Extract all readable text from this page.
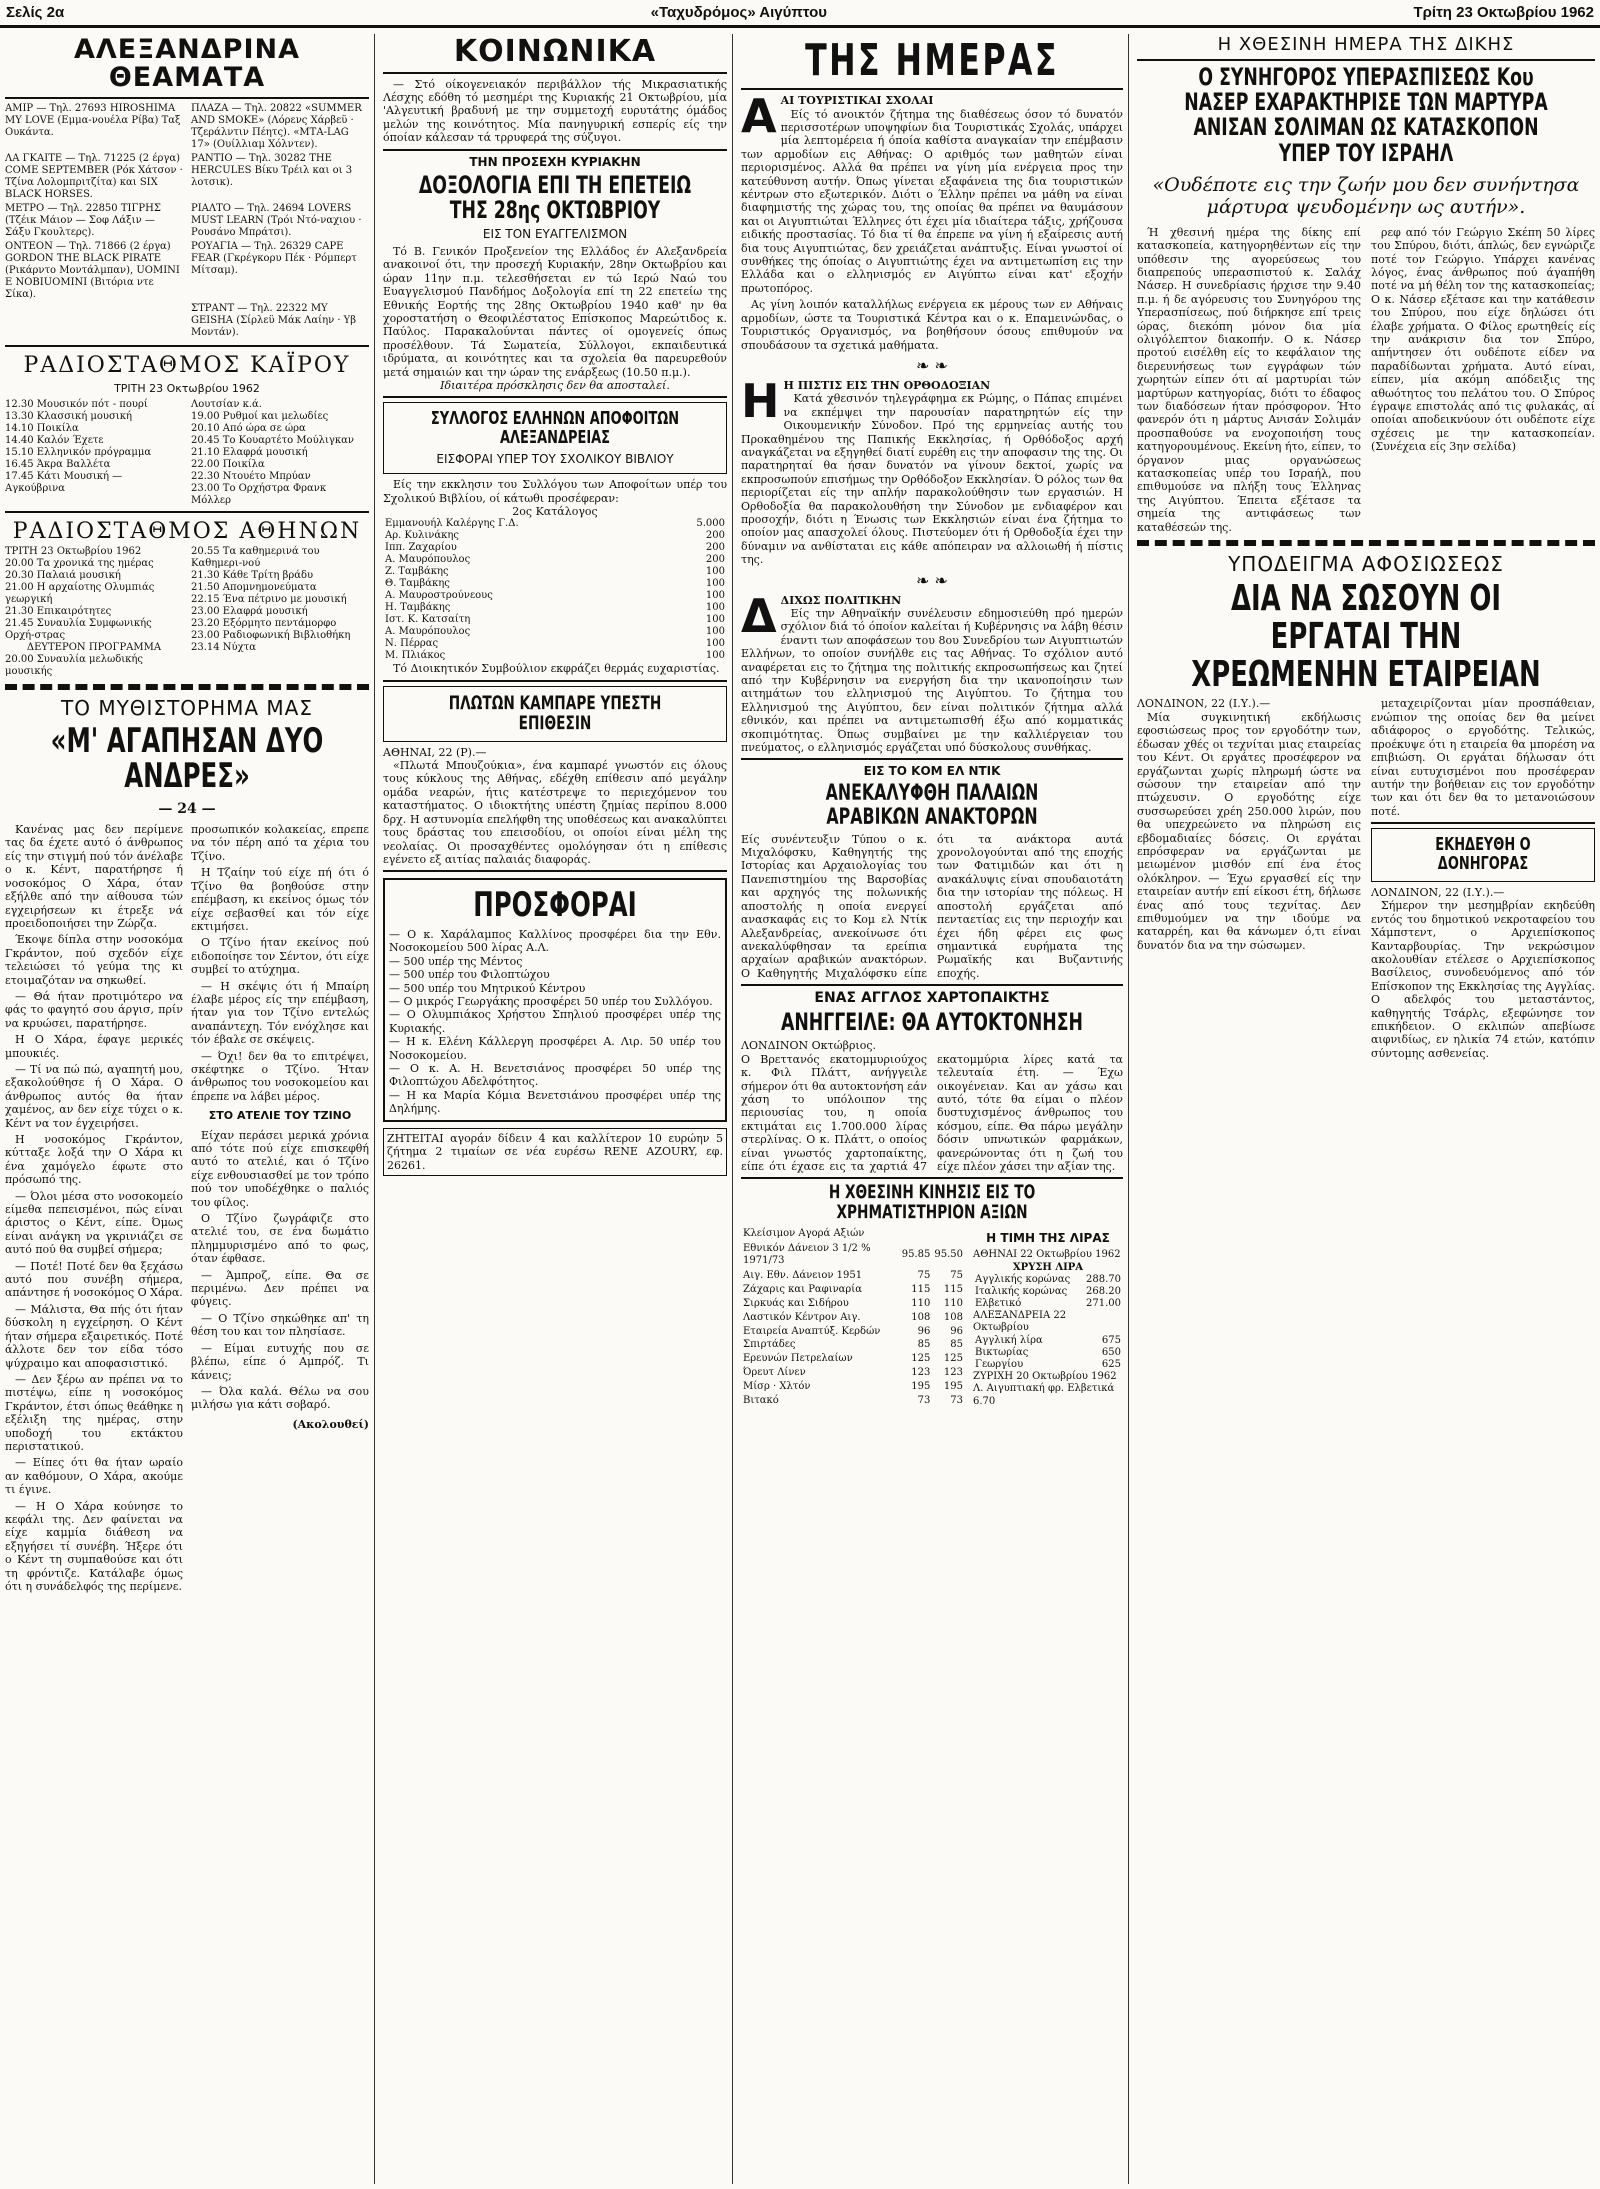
Σελίς 2α	«Ταχυδρόμος» Αιγύπτου	Τρίτη 23 Οκτωβρίου 1962
ΑΛΕΞΑΝΔΡΙΝΑ ΘΕΑΜΑΤΑ
ΑΜΙΡ — Τηλ. 27693 HIROSHIMA MY LOVE (Εμμα-νουέλα Ρίβα) Ταξ Ουκάντα.
ΠΛΑΖΑ — Τηλ. 20822 «SUMMER AND SMOKE» (Λόρενς Χάρβεϋ · Τζεράλντιν Πέητς). «ΜΤΑ-LAG 17» (Ουίλλιαμ Χόλντεν).
ΛΑ ΓΚΑΙΤΕ — Τηλ. 71225 (2 έργα) COME SEPTEMBER (Ρόκ Χάτσον · Τζίνα Λολομπριτζίτα) και SIX BLACK HORSES.
ΡΑΝΤΙΟ — Τηλ. 30282 THE HERCULES Βίκυ Τρέιλ και οι 3 λοτσικ).
ΜΕΤΡΟ — Τηλ. 22850 ΤΙΓΡΗΣ (Τζέικ Μάιον — Σοφ Λάξιν — Σάξυ Γκουλτερς).
ΡΙΑΛΤΟ — Τηλ. 24694 LOVERS MUST LEARN (Τρόι Ντό-ναχιου · Ρουσάνο Μπράτσι).
ΟΝΤΕΟΝ — Τηλ. 71866 (2 έργα) GORDON THE BLACK PIRATE (Ρικάρντο Μοντάλμπαν), UOMINI E NOBIUOMINI (Βιτόρια ντε Σίκα).
ΡΟΥΑΓΙΑ — Τηλ. 26329 CAPE FEAR (Γκρέγκορυ Πέκ · Ρόμπερτ Μίτσαμ).
ΣΤΡΑΝΤ — Τηλ. 22322 MY GEISHA (Σίρλεϋ Μάκ Λαίην · Υβ Μοντάν).
ΡΑΔΙΟΣΤΑΘΜΟΣ ΚΑΪΡΟΥ
ΤΡΙΤΗ 23 Οκτωβρίου 1962
12.30 Μουσικόν πότ - πουρί
13.30 Κλασσική μουσική
14.10 Ποικίλα
14.40 Καλόν Έχετε
15.10 Ελληνικόν πρόγραμμα
16.45 Άκρα Βαλλέτα
17.45 Κάτι Μουσική — Αγκούβρινα
Λουτσίαν κ.ά.
19.00 Ρυθμοί και μελωδίες
20.10 Από ώρα σε ώρα
20.45 Το Κουαρτέτο Μούλιγκαν
21.10 Ελαφρά μουσική
22.00 Ποικίλα
22.30 Ντουέτο Μπρύαν
23.00 Το Ορχήστρα Φρανκ Μόλλερ
ΡΑΔΙΟΣΤΑΘΜΟΣ ΑΘΗΝΩΝ
ΤΡΙΤΗ 23 Οκτωβρίου 1962
20.00 Τα χρονικά της ημέρας
20.30 Παλαιά μουσική
21.00 Η αρχαίοτης Ολυμπιάς γεωργική
21.30 Επικαιρότητες
21.45 Συναυλία Συμφωνικής Ορχή-στρας
ΔΕΥΤΕΡΟΝ ΠΡΟΓΡΑΜΜΑ
20.00 Συναυλία μελωδικής μουσικής
20.55 Τα καθημερινά του Καθημερι-νού
21.30 Κάθε Τρίτη βράδυ
21.50 Απομνημονεύματα
22.15 Ένα πέτρινο με μουσική
23.00 Ελαφρά μουσική
23.20 Εξόρμητο πεντάμορφο
23.00 Ραδιοφωνική Βιβλιοθήκη
23.14 Νύχτα
ΤΟ ΜΥΘΙΣΤΟΡΗΜΑ ΜΑΣ
«Μ' ΑΓΑΠΗΣΑΝ ΔΥΟ ΑΝΔΡΕΣ»
— 24 —

Κανένας μας δεν περίμενε τας δα έχετε αυτό ό άνθρωπος είς την στιγμή πού τόν άνέλαβε ο κ. Κέντ, παρατήρησε ή νοσοκόμος Ο Χάρα, όταν εξήλθε από την αίθουσα τών εγχειρήσεων κι έτρεξε νά προειδοποιήσει την Ζώρζα.

Έκοψε δίπλα στην νοσοκόμα Γκράντον, πού σχεδόν είχε τελειώσει τό γεύμα της κι ετοιμαζόταν να σηκωθεί.

— Θά ήταν προτιμότερο να φάς το φαγητό σου άργισ, πρίν να κρυώσει, παρατήρησε.

Η Ο Χάρα, έφαγε μερικές μπουκιές.

— Τί να πώ πώ, αγαπητή μου, εξακολούθησε ή Ο Χάρα. Ο άνθρωπος αυτός θα ήταν χαμένος, αν δεν είχε τύχει ο κ. Κέντ να τον έγχειρήσει.

Η νοσοκόμος Γκράντον, κύτταξε λοξά την Ο Χάρα κι ένα χαμόγελο έφωτε στο πρόσωπό της.

— Όλοι μέσα στο νοσοκομείο είμεθα πεπεισμένοι, πώς είναι άριστος ο Κέντ, είπε. Όμως είναι ανάγκη να γκρινιάζει σε αυτό πού θα συμβεί σήμερα;

— Ποτέ! Ποτέ δεν θα ξεχάσω αυτό που συνέβη σήμερα, απάντησε ή νοσοκόμος Ο Χάρα.

— Μάλιστα, Θα πής ότι ήταν δύσκολη η εγχείρηση. Ο Κέντ ήταν σήμερα εξαιρετικός. Ποτέ άλλοτε δεν τον είδα τόσο ψύχραιμο και αποφασιστικό.

— Δεν ξέρω αν πρέπει να το πιστέψω, είπε η νοσοκόμος Γκράντον, έτσι όπως θεάθηκε η εξέλιξη της ημέρας, στην υποδοχή του εκτάκτου περιστατικού.

— Είπες ότι θα ήταν ωραίο αν καθόμουν, Ο Χάρα, ακούμε τι έγινε.

— Η Ο Χάρα κούνησε το κεφάλι της. Δεν φαίνεται να είχε καμμία διάθεση να εξηγήσει τί συνέβη. Ήξερε ότι ο Κέντ τη συμπαθούσε και ότι τη φρόντιζε. Κατάλαβε όμως ότι η συνάδελφός της περίμενε.

προσωπικόν κολακείας, επρεπε να τόν πέρη από τα χέρια του Τζίνο.

Η Τζαίην τού είχε πή ότι ό Τζίνο θα βοηθούσε στην επέμβαση, κι εκείνος όμως τόν είχε σεβασθεί και τόν είχε εκτιμήσει.

Ο Τζίνο ήταν εκείνος πού ειδοποίησε τον Σέντον, ότι είχε συμβεί το ατύχημα.

— Η σκέψις ότι ή Μπαίρη έλαβε μέρος είς την επέμβαση, ήταν για τον Τζίνο εντελώς αναπάντεχη. Τόν ενόχλησε και τόν έβαλε σε σκέψεις.

— Όχι! δεν θα το επιτρέψει, σκέφτηκε ο Τζίνο. Ήταν άνθρωπος του νοσοκομείου και έπρεπε να λάβει μέρος.

ΣΤΟ ΑΤΕΛΙΕ ΤΟΥ ΤΖΙΝΟ

Είχαν περάσει μερικά χρόνια από τότε πού είχε επισκεφθή αυτό το ατελιέ, και ό Τζίνο είχε ενθουσιασθεί με τον τρόπο πού τον υποδέχθηκε ο παλιός του φίλος.

Ο Τζίνο ζωγράφιζε στο ατελιέ του, σε ένα δωμάτιο πλημμυρισμένο από το φως, όταν έφθασε.

— Άμπροζ, είπε. Θα σε περιμένω. Δεν πρέπει να φύγεις.

— Ο Τζίνο σηκώθηκε απ' τη θέση του και τον πλησίασε.

— Είμαι ευτυχής που σε βλέπω, είπε ό Αμπρόζ. Τι κάνεις;

— Όλα καλά. Θέλω να σου μιλήσω για κάτι σοβαρό.

(Ακολουθεί)

ΚΟΙΝΩΝΙΚΑ
— Στό οίκογενειακόν περιβάλλον τής Μικρασιατικής Λέσχης εδόθη τό μεσημέρι της Κυριακής 21 Οκτωβρίου, μία 'Αλγευτική βραδυνή με την συμμετοχή ευρυτάτης όμάδος μελών της κοινότητος. Μία πανηγυρική εσπερίς είς την όποίαν κάλεσαν τά τρρυφερά της σύζυγοι.
ΤΗΝ ΠΡΟΣΕΧΗ ΚΥΡΙΑΚΗΝ
ΔΟΞΟΛΟΓΙΑ ΕΠΙ ΤΗ ΕΠΕΤΕΙΩ ΤΗΣ 28ης ΟΚΤΩΒΡΙΟΥ
ΕΙΣ ΤΟΝ ΕΥΑΓΓΕΛΙΣΜΟΝ
Τό Β. Γενικόν Προξενείον της Ελλάδος έν Αλεξανδρεία ανακοινοί ότι, την προσεχή Κυριακήν, 28ην Οκτωβρίου και ώραν 11ην π.μ. τελεσθήσεται εν τώ Ιερώ Ναώ του Ευαγγελισμού Πανδήμος Δοξολογία επί τη 22 επετείω της Εθνικής Εορτής της 28ης Οκτωβρίου 1940 καθ' ην θα χοροστατήση ο Θεοφιλέστατος Επίσκοπος Μαρεώτιδος κ. Παύλος. Παρακαλούνται πάντες οί ομογενείς όπως προσέλθουν. Τά Σωματεία, Σύλλογοι, εκπαιδευτικά ιδρύματα, αι κοινότητες και τα σχολεία θα παρευρεθούν μετά σημαιών και την ώραν της ενάρξεως (10.50 π.μ.).
Ιδιαιτέρα πρόσκλησις δεν θα αποσταλεί.
ΣΥΛΛΟΓΟΣ ΕΛΛΗΝΩΝ ΑΠΟΦΟΙΤΩΝ ΑΛΕΞΑΝΔΡΕΙΑΣ
ΕΙΣΦΟΡΑΙ ΥΠΕΡ ΤΟΥ ΣΧΟΛΙΚΟΥ ΒΙΒΛΙΟΥ
Είς την εκκλησιν του Συλλόγου των Αποφοίτων υπέρ του Σχολικού Βιβλίου, οί κάτωθι προσέφεραν:
2ος Κατάλογος
Εμμανουήλ Καλέργης Γ.Δ.	5.000
Αρ. Κυλινάκης	200
Ιππ. Ζαχαρίου	200
Α. Μαυρόπουλος	200
Ζ. Ταμβάκης	100
Θ. Ταμβάκης	100
Α. Μαυροστρούνεους	100
Η. Ταμβάκης	100
Ιστ. Κ. Κατσαίτη	100
Α. Μαυρόπουλος	100
Ν. Πέρρας	100
Μ. Πλιάκος	100
Τό Διοικητικόν Συμβούλιον εκφράζει θερμάς ευχαριστίας.
ΠΛΩΤΩΝ ΚΑΜΠΑΡΕ ΥΠΕΣΤΗ ΕΠΙΘΕΣΙΝ
ΑΘΗΝΑΙ, 22 (Ρ).—
«Πλωτά Μπουζούκια», ένα καμπαρέ γνωστόν εις όλους τους κύκλους της Αθήνας, εδέχθη επίθεσιν από μεγάλην ομάδα νεαρών, ήτις κατέστρεψε το περιεχόμενον του καταστήματος. Ο ιδιοκτήτης υπέστη ζημίας περίπου 8.000 δρχ. Η αστυνομία επελήφθη της υποθέσεως και ανακαλύπτει τους δράστας του επεισοδίου, οι οποίοι είναι μέλη της νεολαίας. Οι προσαχθέντες ομολόγησαν ότι η επίθεσις εγένετο εξ αιτίας παλαιάς διαφοράς.
ΠΡΟΣΦΟΡΑΙ
— Ο κ. Χαράλαμπος Καλλίνος προσφέρει δια την Εθν. Νοσοκομείου 500 λίρας Α.Λ.
— 500 υπέρ της Μέντος
— 500 υπέρ του Φιλοπτώχου
— 500 υπέρ του Μητρικού Κέντρου
— Ο μικρός Γεωργάκης προσφέρει 50 υπέρ του Συλλόγου.
— Ο Ολυμπιάκος Χρήστου Σπηλιού προσφέρει υπέρ της Κυριακής.
— Η κ. Ελένη Κάλλεργη προσφέρει Α. Λιρ. 50 υπέρ του Νοσοκομείου.
— Ο κ. Α. Η. Βενετσιάνος προσφέρει 50 υπέρ της Φιλοπτώχου Αδελφότητος.
— Η κα Μαρία Κόμια Βενετσιάνου προσφέρει υπέρ της Δηλήμης.
ΖΗΤΕΙΤΑΙ αγοράν δίδειν 4 και καλλίτερον 10 ευρώην 5 ζήτημα 2 τιμαίων σε νέα ευρέσω RENE AZOURY, εφ. 26261.
ΤΗΣ ΗΜΕΡΑΣ
Α ΑΙ ΤΟΥΡΙΣΤΙΚΑΙ ΣΧΟΛΑΙ
Είς τό ανοικτόν ζήτημα της διαθέσεως όσον τό δυνατόν περισσοτέρων υποψηφίων δια Τουριστικάς Σχολάς, υπάρχει μία λεπτομέρεια ή όποία καθίστα αναγκαίαν την επέμβασιν των αρμοδίων εις Αθήνας: Ο αριθμός των μαθητών είναι περιορισμένος. Αλλά θα πρέπει να γίνη μία ενέργεια προς την κατεύθυνση αυτήν. Όπως γίνεται εξαφάνεια της δια τουριστικών κέντρων στο εξωτερικόν. Διότι ο Έλλην πρέπει να μάθη να είναι διαφημιστής της χώρας του, της οποίας θα πρέπει να θαυμάσουν και οι Αιγυπτιώται Έλληνες ότι έχει μία ιδιαίτερα τάξις, χρήζουσα ειδικής προστασίας. Τό δια τί θα έπρεπε να γίνη ή εξαίρεσις αυτή δια τους Αιγυπτιώτας, δεν χρειάζεται ανάπτυξις. Είναι γνωστοί οί συνθήκες της όποίας ο Αιγυπτιώτης έχει να αντιμετωπίση εις την Ελλάδα και ο ελληνισμός εν Αιγύπτω είναι κατ' εξοχήν πρωτοπόρος.
Ας γίνη λοιπόν καταλλήλως ενέργεια εκ μέρους των εν Αθήναις αρμοδίων, ώστε τα Τουριστικά Κέντρα και ο κ. Επαμεινώνδας, ο Τουριστικός Οργανισμός, να βοηθήσουν όσους επιθυμούν να σπουδάσουν τα σχετικά μαθήματα.
❧ ❧
Η Η ΠΙΣΤΙΣ ΕΙΣ ΤΗΝ ΟΡΘΟΔΟΞΙΑΝ
Κατά χθεσινόν τηλεγράφημα εκ Ρώμης, ο Πάπας επιμένει να εκπέμψει την παρουσίαν παρατηρητών είς την Οικουμενικήν Σύνοδον. Πρό της ερμηνείας αυτής του Προκαθημένου της Παπικής Εκκλησίας, ή Ορθόδοξος αρχή αναγκάζεται να εξηγηθεί διατί ευρέθη εις την αποφασιν της της. Οι παρατηρηταί θα ήσαν δυνατόν να γίνουν δεκτοί, χωρίς να εκπροσωπούν επισήμως την Ορθόδοξον Εκκλησίαν. Ό ρόλος των θα περιορίζεται είς την απλήν παρακολούθησιν των εργασιών. Η Ορθοδοξία θα παρακολουθήση την Σύνοδον με ενδιαφέρον και προσοχήν, διότι η Ένωσις των Εκκλησιών είναι ένα ζήτημα το οποίον μας απασχολεί όλους. Πιστεύομεν ότι ή Ορθοδοξία έχει την δύναμιν να ανθίσταται εις κάθε απόπειραν να αλλοιωθή ή πίστις της.
❧ ❧
Δ ΔΙΧΩΣ ΠΟΛΙΤΙΚΗΝ
Είς την Αθηναϊκήν συνέλευσιν εδημοσιεύθη πρό ημερών σχόλιον διά τό όποίον καλείται ή Κυβέρνησις να λάβη θέσιν έναντι των αποφάσεων του 8ου Συνεδρίου των Αιγυπτιωτών Ελλήνων, το οποίον συνήλθε εις τας Αθήνας. Το σχόλιον αυτό αναφέρεται εις το ζήτημα της πολιτικής εκπροσωπήσεως και ζητεί από την Κυβέρνησιν να ενεργήση δια την ικανοποίησιν των αιτημάτων του ελληνισμού της Αιγύπτου. Το ζήτημα του Ελληνισμού της Αιγύπτου, δεν είναι πολιτικόν ζήτημα αλλά εθνικόν, και πρέπει να αντιμετωπισθή έξω από κομματικάς σκοπιμότητας. Όπως συμβαίνει με την καλλιέργειαν του πνεύματος, ο ελληνισμός εργάζεται υπό δύσκολους συνθήκας.
ΕΙΣ ΤΟ ΚΟΜ ΕΛ ΝΤΙΚ
ΑΝΕΚΑΛΥΦΘΗ ΠΑΛΑΙΩΝ ΑΡΑΒΙΚΩΝ ΑΝΑΚΤΟΡΩΝ
Είς συνέντευξιν Τύπου ο κ. Μιχαλόφσκυ, Καθηγητής της Ιστορίας και Αρχαιολογίας του Πανεπιστημίου της Βαρσοβίας και αρχηγός της πολωνικής αποστολής η οποία ενεργεί ανασκαφάς εις το Κομ ελ Ντίκ Αλεξανδρείας, ανεκοίνωσε ότι ανεκαλύφθησαν τα ερείπια αρχαίων αραβικών ανακτόρων. Ο Καθηγητής Μιχαλόφσκυ είπε ότι τα ανάκτορα αυτά χρονολογούνται από της εποχής των Φατιμιδών και ότι η ανακάλυψις είναι σπουδαιοτάτη δια την ιστορίαν της πόλεως. Η αποστολή εργάζεται από πενταετίας εις την περιοχήν και έχει ήδη φέρει εις φως σημαντικά ευρήματα της Ρωμαϊκής και Βυζαντινής εποχής.
ΕΝΑΣ ΑΓΓΛΟΣ ΧΑΡΤΟΠΑΙΚΤΗΣ
ΑΝΗΓΓΕΙΛΕ: ΘΑ ΑΥΤΟΚΤΟΝΗΣΗ
ΛΟΝΔΙΝΟΝ Οκτώβριος.
Ο Βρεττανός εκατομμυριούχος κ. Φιλ Πλάττ, ανήγγειλε σήμερον ότι θα αυτοκτονήση εάν χάση το υπόλοιπον της περιουσίας του, η οποία εκτιμάται εις 1.700.000 λίρας στερλίνας. Ο κ. Πλάττ, ο οποίος είναι γνωστός χαρτοπαίκτης, είπε ότι έχασε εις τα χαρτιά 47 εκατομμύρια λίρες κατά τα τελευταία έτη. — Έχω οικογένειαν. Και αν χάσω και αυτό, τότε θα είμαι ο πλέον δυστυχισμένος άνθρωπος του κόσμου, είπε. Θα πάρω μεγάλην δόσιν υπνωτικών φαρμάκων, φανερώνοντας ότι η ζωή του είχε πλέον χάσει την αξίαν της.
Η ΧΘΕΣΙΝΗ ΚΙΝΗΣΙΣ ΕΙΣ ΤΟ ΧΡΗΜΑΤΙΣΤΗΡΙΟΝ ΑΞΙΩΝ
Κλείσιμον Αγορά Αξιών		
Εθνικόν Δάνειον 3 1/2 % 1971/73	95.85	95.50
Αιγ. Εθν. Δάνειον 1951	75	75
Ζάχαρις και Ραφιναρία	115	115
Σιρκυάς και Σιδήρου	110	110
Λαστικόν Κέντρον Αιγ.	108	108
Εταιρεία Αναπτύξ. Κερδών	96	96
Σπιρτάδες	85	85
Ερευνών Πετρελαίων	125	125
Όρευτ Λίνεν	123	123
Μίσρ · Χλτόν	195	195
Βιτακό	73	73
Η ΤΙΜΗ ΤΗΣ ΛΙΡΑΣ
ΑΘΗΝΑΙ 22 Οκτωβρίου 1962
ΧΡΥΣΗ ΛΙΡΑ
Αγγλικής κορώνας	288.70
Ιταλικής κορώνας	268.20
Ελβετικό	271.00
ΑΛΕΞΑΝΔΡΕΙΑ 22 Οκτωβρίου
Αγγλική λίρα	675
Βικτωρίας	650
Γεωργίου	625
ΖΥΡΙΧΗ 20 Οκτωβρίου 1962
Λ. Αιγυπτιακή φρ. Ελβετικά 6.70
Η ΧΘΕΣΙΝΗ ΗΜΕΡΑ ΤΗΣ ΔΙΚΗΣ
Ο ΣΥΝΗΓΟΡΟΣ ΥΠΕΡΑΣΠΙΣΕΩΣ Κου ΝΑΣΕΡ ΕΧΑΡΑΚΤΗΡΙΣΕ ΤΩΝ ΜΑΡΤΥΡΑ ΑΝΙΣΑΝ ΣΟΛΙΜΑΝ ΩΣ ΚΑΤΑΣΚΟΠΟΝ ΥΠΕΡ ΤΟΥ ΙΣΡΑΗΛ
«Ουδέποτε εις την ζωήν μου δεν συνήντησα μάρτυρα ψευδομένην ως αυτήν».
Ή χθεσινή ημέρα της δίκης επί κατασκοπεία, κατηγορηθέντων είς την υπόθεσιν της αγορεύσεως του διαπρεπούς υπερασπιστού κ. Σαλάχ Νάσερ. Η συνεδρίασις ήρχισε την 9.40 π.μ. ή δε αγόρευσις του Συνηγόρου της Υπερασπίσεως, πού διήρκησε επί τρεις ώρας, διεκόπη μόνον δια μία ολιγόλεπτον διακοπήν. Ο κ. Νάσερ προτού εισέλθη είς το κεφάλαιον της διερευνήσεως των εγγράφων τών χωρητών είπεν ότι αί μαρτυρίαι τών μαρτύρων κατηγορίας, διότι το έδαφος των διαδόσεων ήταν πρόσφορον. Ήτο φανερόν ότι η μάρτυς Ανισάν Σολιμάν προσπαθούσε να ενοχοποιήση τους κατηγορουμένους. Εκείνη ήτο, είπεν, το όργανον μιας οργανώσεως κατασκοπείας υπέρ του Ισραήλ, που επιθυμούσε να πλήξη τους Έλληνας της Αιγύπτου. Έπειτα εξέτασε τα σημεία της αντιφάσεως των καταθέσεών της.
ρεφ από τόν Γεώργιο Σκέπη 50 λίρες του Σπύρου, διότι, άπλώς, δεν εγνώριζε ποτέ τον Γεώργιο. Υπάρχει κανένας λόγος, ένας άνθρωπος πού άγαπήθη ποτέ να μή θέλη τον της κατασκοπείας; Ο κ. Νάσερ εξέτασε και την κατάθεσιν του Σπύρου, που είχε δηλώσει ότι έλαβε χρήματα. Ο Φίλος ερωτηθείς είς την ανάκρισιν δια τον Σπύρο, απήντησεν ότι ουδέποτε είδεν να παραδίδωνται χρήματα. Αυτό είναι, είπεν, μία ακόμη απόδειξις της αθωότητος του πελάτου του. Ο Σπύρος έγραψε επιστολάς από τις φυλακάς, αί οποίαι αποδεικνύουν ότι ουδέποτε είχε σχέσεις με την κατασκοπείαν. (Συνέχεια είς 3ην σελίδα)
ΥΠΟΔΕΙΓΜΑ ΑΦΟΣΙΩΣΕΩΣ
ΔΙΑ ΝΑ ΣΩΣΟΥΝ ΟΙ ΕΡΓΑΤΑΙ ΤΗΝ ΧΡΕΩΜΕΝΗΝ ΕΤΑΙΡΕΙΑΝ
ΛΟΝΔΙΝΟΝ, 22 (Ι.Υ.).—
Μία συγκινητική εκδήλωσις εφοσιώσεως προς τον εργοδότην των, έδωσαν χθές οι τεχνίται μιας εταιρείας του Κέντ. Οι εργάτες προσέφερον να εργάζωνται χωρίς πληρωμή ώστε να σώσουν την εταιρείαν από την πτώχευσιν. Ο εργοδότης είχε συσσωρεύσει χρέη 250.000 λιρών, που θα υπεχρεώνετο να πληρώση εις εβδομαδιαίες δόσεις. Οι εργάται επρόσφεραν να εργάζωνται με μειωμένον μισθόν επί ένα έτος ολόκληρον. — Έχω εργασθεί είς την εταιρείαν αυτήν επί είκοσι έτη, δήλωσε ένας από τους τεχνίτας. Δεν επιθυμούμεν να την ιδούμε να καταρρέη, και θα κάνωμεν ό,τι είναι δυνατόν δια να την σώσωμεν.
μεταχειρίζονται μίαν προσπάθειαν, ενώπιον της οποίας δεν θα μείνει αδιάφορος ο εργοδότης. Τελικώς, προέκυψε ότι η εταιρεία θα μπορέση να επιβιώση. Οι εργάται δήλωσαν ότι είναι ευτυχισμένοι που προσέφεραν αυτήν την βοήθειαν εις τον εργοδότην των και ότι δεν θα το μετανοιώσουν ποτέ.
ΕΚΗΔΕΥΘΗ Ο ΔΟΝΗΓΟΡΑΣ
ΛΟΝΔΙΝΟΝ, 22 (Ι.Υ.).—
Σήμερον την μεσημβρίαν εκηδεύθη εντός του δημοτικού νεκροταφείου του Χάμπστεντ, ο Αρχιεπίσκοπος Κανταρβουρίας. Την νεκρώσιμον ακολουθίαν ετέλεσε ο Αρχιεπίσκοπος Βασίλειος, συνοδευόμενος από τόν Επίσκοπον της Εκκλησίας της Αγγλίας. Ο αδελφός του μεταστάντος, καθηγητής Τσάρλς, εξεφώνησε τον επικήδειον. Ο εκλιπών απεβίωσε αιφνιδίως, εν ηλικία 74 ετών, κατόπιν σύντομης ασθενείας.
